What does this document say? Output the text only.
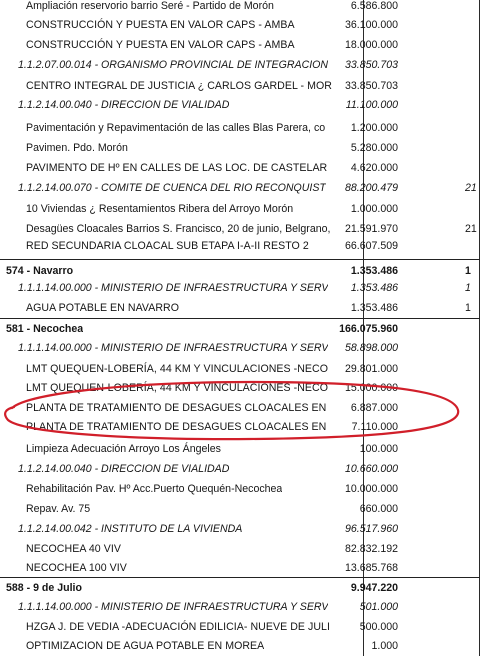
Ampliación reservorio barrio Seré - Partido de Morón	6.586.800
CONSTRUCCIÓN Y PUESTA EN VALOR CAPS - AMBA	36.100.000
CONSTRUCCIÓN Y PUESTA EN VALOR CAPS - AMBA	18.000.000
1.1.2.07.00.014 - ORGANISMO PROVINCIAL DE INTEGRACION 33.850.703
CENTRO INTEGRAL DE JUSTICIA ¿ CARLOS GARDEL - MOR 33.850.703
1.1.2.14.00.040 - DIRECCION DE VIALIDAD	11.100.000
Pavimentación y Repavimentación de las calles Blas Parera, co 1.200.000
Pavimen. Pdo. Morón	5.280.000
PAVIMENTO DE Hº EN CALLES DE LAS LOC. DE CASTELAR 4.620.000
1.1.2.14.00.070 - COMITE DE CUENCA DEL RIO RECONQUIST 88.200.479	21
10 Viviendas ¿ Resentamientos Ribera del Arroyo Morón	1.000.000
Desagües Cloacales Barrios S. Francisco, 20 de junio, Belgrano, 21.591.970	21
RED SECUNDARIA CLOACAL SUB ETAPA I-A-II RESTO 2	66.607.509
574 - Navarro	1.353.486	1
1.1.1.14.00.000 - MINISTERIO DE INFRAESTRUCTURA Y SERV 1.353.486	1
AGUA POTABLE EN NAVARRO	1.353.486	1
581 - Necochea	166.075.960
1.1.1.14.00.000 - MINISTERIO DE INFRAESTRUCTURA Y SERV 58.898.000
LMT QUEQUEN-LOBERÍA, 44 KM Y VINCULACIONES -NECO 29.801.000
LMT QUEQUEN-LOBERÍA, 44 KM Y VINCULACIONES -NECO 15.000.000
PLANTA DE TRATAMIENTO DE DESAGUES CLOACALES EN 6.887.000
PLANTA DE TRATAMIENTO DE DESAGUES CLOACALES EN 7.110.000
Limpieza Adecuación Arroyo Los Ángeles	100.000
1.1.2.14.00.040 - DIRECCION DE VIALIDAD	10.660.000
Rehabilitación Pav. Hº Acc.Puerto Quequén-Necochea	10.000.000
Repav. Av. 75	660.000
1.1.2.14.00.042 - INSTITUTO DE LA VIVIENDA	96.517.960
NECOCHEA 40 VIV	82.832.192
NECOCHEA 100 VIV	13.685.768
588 - 9 de Julio	9.947.220
1.1.1.14.00.000 - MINISTERIO DE INFRAESTRUCTURA Y SERV	501.000
HZGA J. DE VEDIA -ADECUACIÓN EDILICIA- NUEVE DE JULI	500.000
OPTIMIZACION DE AGUA POTABLE EN MOREA	1.000
